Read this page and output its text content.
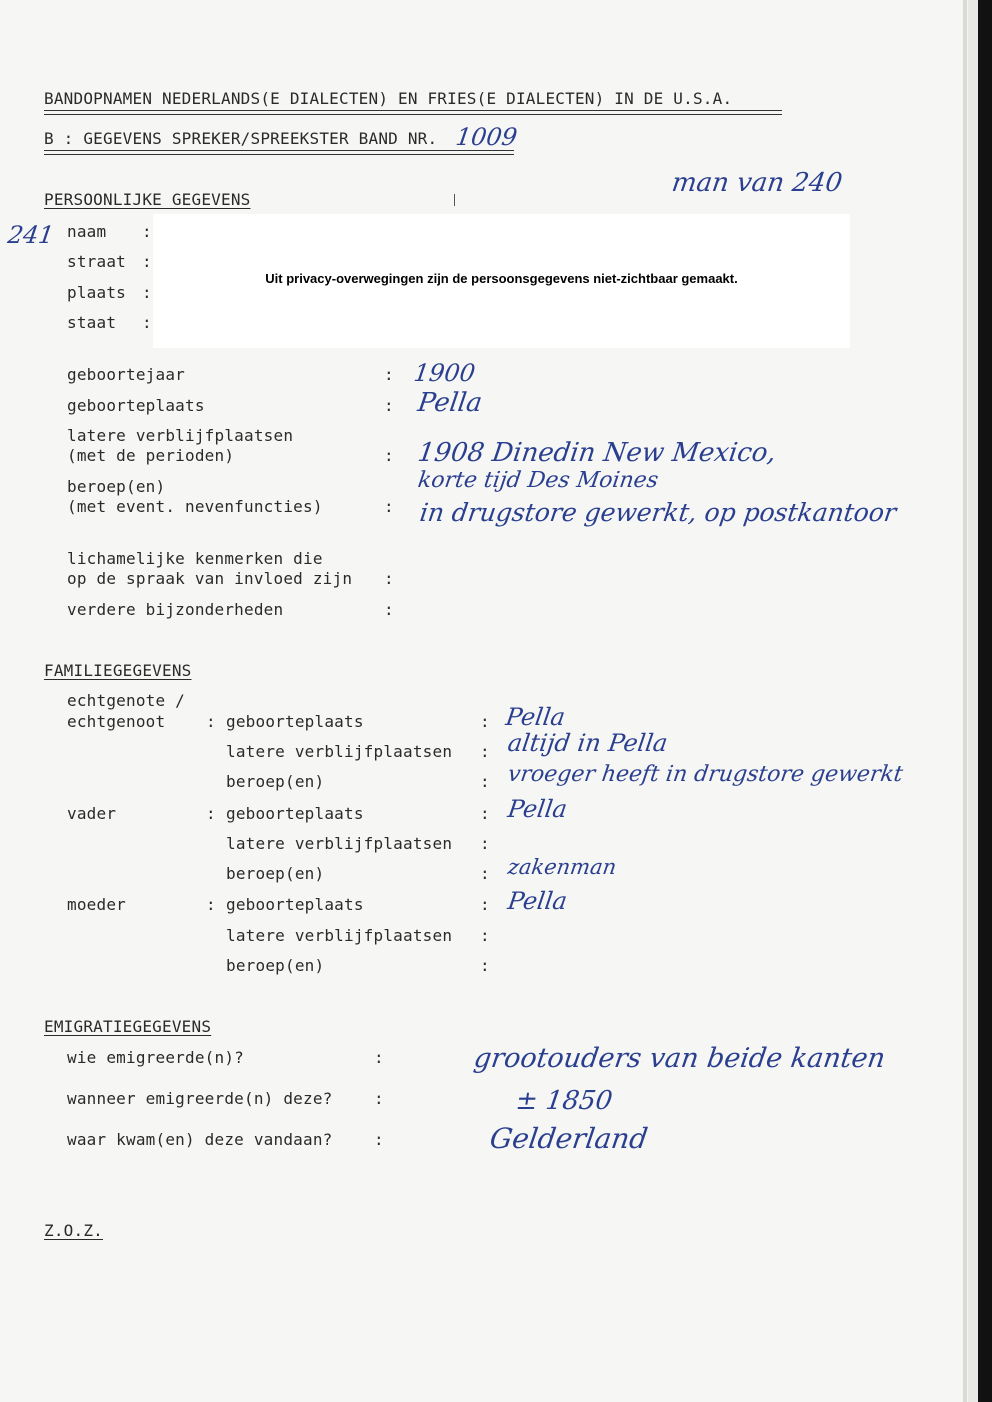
BANDOPNAMEN NEDERLANDS(E DIALECTEN) EN FRIES(E DIALECTEN) IN DE U.S.A.
B : GEGEVENS SPREKER/SPREEKSTER BAND NR. 1009
man van 240
PERSOONLIJKE GEGEVENS
241 naam :
straat :
plaats :
staat :
Uit privacy-overwegingen zijn de persoonsgegevens niet-zichtbaar gemaakt.
geboortejaar	: 1900
geboorteplaats	: Pella
latere verblijfplaatsen
(met de perioden)	: 1908 Dinedin New Mexico,
korte tijd Des Moines
beroep(en)
(met event. nevenfuncties)	: in drugstore gewerkt, op postkantoor
lichamelijke kenmerken die
op de spraak van invloed zijn :
verdere bijzonderheden	:
FAMILIEGEGEVENS
echtgenote /
echtgenoot	: geboorteplaats	: Pella
latere verblijfplaatsen : altijd in Pella
beroep(en)	: vroeger heeft in drugstore gewerkt
vader	: geboorteplaats	: Pella
latere verblijfplaatsen :
beroep(en)	: zakenman
moeder	: geboorteplaats	: Pella
latere verblijfplaatsen :
beroep(en)	:
EMIGRATIEGEGEVENS
wie emigreerde(n)?	:	grootouders van beide kanten
wanneer emigreerde(n) deze?	:	± 1850
waar kwam(en) deze vandaan?	:	Gelderland
Z.O.Z.
